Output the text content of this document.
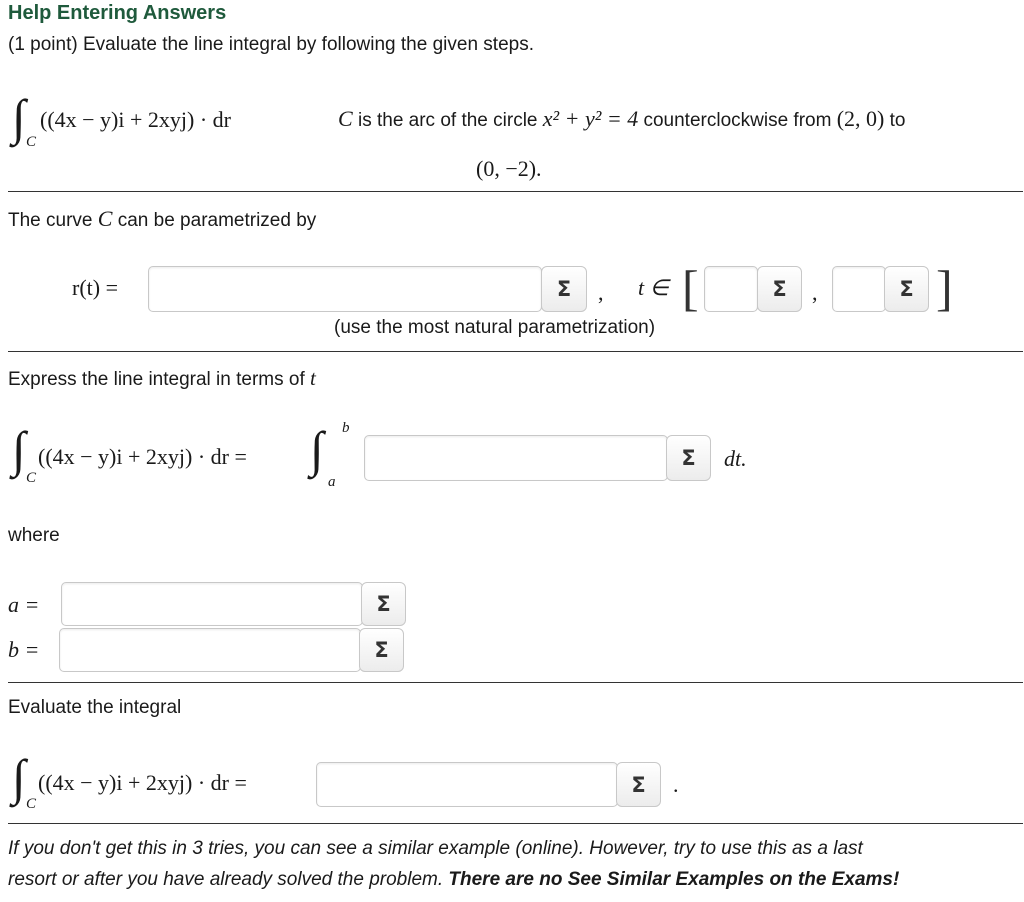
Help Entering Answers
(1 point) Evaluate the line integral by following the given steps.
∫ C
((4x − y)i + 2xyj) · dr	C is the arc of the circle x² + y² = 4 counterclockwise from (2, 0) to
(0, −2).
The curve C can be parametrized by
r(t) =	Σ , t ∈ [	Σ ,	Σ ]
(use the most natural parametrization)
Express the line integral in terms of t
∫
C
((4x − y)i + 2xyj) · dr = ∫ b
a
Σ dt.
where
a =	Σ
b =	Σ
Evaluate the integral
∫ C
((4x − y)i + 2xyj) · dr =	Σ .
If you don't get this in 3 tries, you can see a similar example (online). However, try to use this as a last
resort or after you have already solved the problem. There are no See Similar Examples on the Exams!
